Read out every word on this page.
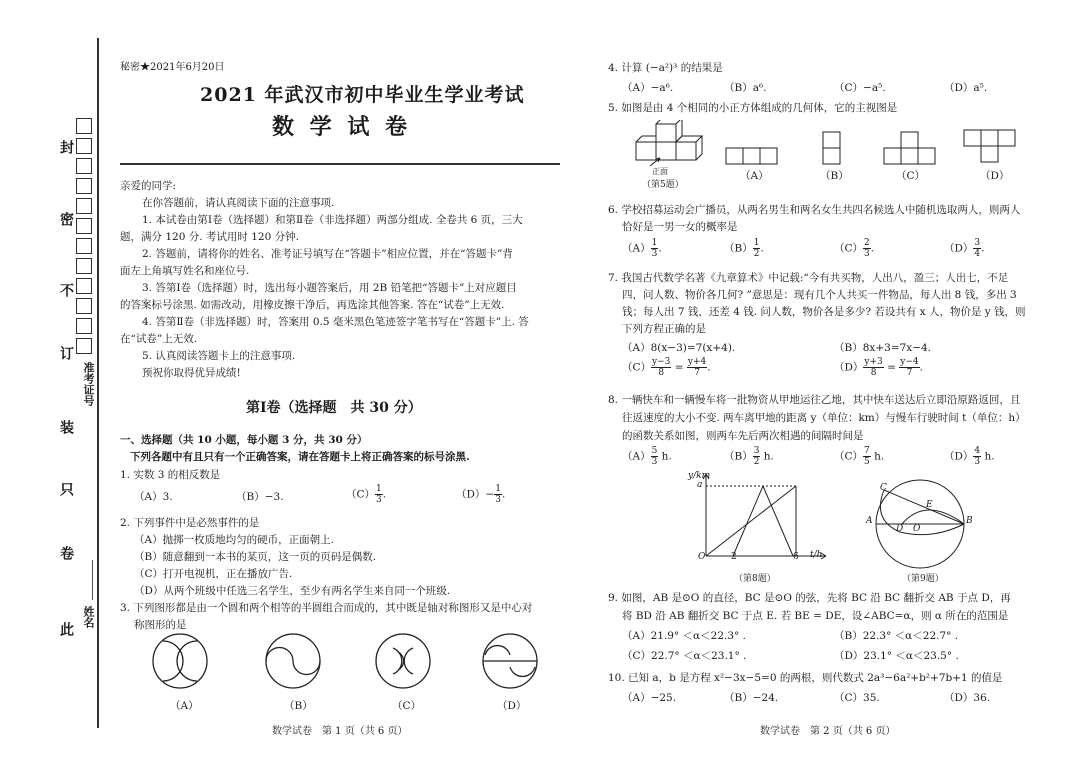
封
密
不
订
装
只
卷
此
准考证号
姓名
秘密★2021年6月20日
2021 年武汉市初中毕业生学业考试
数 学 试 卷
亲爱的同学:
在你答题前，请认真阅读下面的注意事项.
1. 本试卷由第Ⅰ卷（选择题）和第Ⅱ卷（非选择题）两部分组成. 全卷共 6 页，三大
题，满分 120 分. 考试用时 120 分钟.
2. 答题前，请将你的姓名、准考证号填写在“答题卡”相应位置，并在“答题卡”背
面左上角填写姓名和座位号.
3. 答第Ⅰ卷（选择题）时，选出每小题答案后，用 2B 铅笔把“答题卡”上对应题目
的答案标号涂黑. 如需改动，用橡皮擦干净后，再选涂其他答案. 答在“试卷”上无效.
4. 答第Ⅱ卷（非选择题）时，答案用 0.5 毫米黑色笔迹签字笔书写在“答题卡”上. 答
在“试卷”上无效.
5. 认真阅读答题卡上的注意事项.
预祝你取得优异成绩!
第Ⅰ卷（选择题　共 30 分）
一、选择题（共 10 小题，每小题 3 分，共 30 分）
下列各题中有且只有一个正确答案，请在答题卡上将正确答案的标号涂黑.
1. 实数 3 的相反数是
（A）3.	（B）−3.	$(C) \frac{1}{3}$ .	$(D)- \frac{1}{3}$ .
2. 下列事件中是必然事件的是
（A）抛掷一枚质地均匀的硬币，正面朝上.
（B）随意翻到一本书的某页，这一页的页码是偶数.
（C）打开电视机，正在播放广告.
（D）从两个班级中任选三名学生，至少有两名学生来自同一个班级.
3. 下列图形都是由一个圆和两个相等的半圆组合而成的，其中既是轴对称图形又是中心对
称图形的是
（A）	（B）	（C）	（D）
数学试卷　第 1 页（共 6 页）
4. 计算 (−a²)³ 的结果是
（A）−a⁶.	（B）a⁶.	（C）−a⁵.	（D）a⁵.
5. 如图是由 4 个相同的小正方体组成的几何体，它的主视图是
正面
（第5题）
（A）	（B）	（C）	（D）
6. 学校招募运动会广播员，从两名男生和两名女生共四名候选人中随机选取两人，则两人
恰好是一男一女的概率是
$(A) \frac{1}{3}$ .	$(B) \frac{1}{2}$ .	$(C) \frac{2}{3}$ .	$(D) \frac{3}{4}$ .
7. 我国古代数学名著《九章算术》中记载:“今有共买物，人出八，盈三；人出七，不足
四，问人数、物价各几何? ”意思是：现有几个人共买一件物品，每人出 8 钱，多出 3
钱；每人出 7 钱，还差 4 钱. 问人数，物价各是多少? 若设共有 x 人，物价是 y 钱，则
下列方程正确的是
（A）8(x−3)=7(x+4).	（B）8x+3=7x−4.
$(C) \frac{y-3}{8} = \frac{y+4}{7}$ .	$(D) \frac{y+3}{8} = \frac{y-4}{7}$ .
8. 一辆快车和一辆慢车将一批物资从甲地运往乙地，其中快车送达后立即沿原路返回，且
往返速度的大小不变. 两车离甲地的距离 y（单位：km）与慢车行驶时间 t（单位：h）
的函数关系如图，则两车先后两次相遇的间隔时间是
$(A) \frac{5}{3} h$.	$(B) \frac{3}{2} h$.	$(C) \frac{7}{5} h$.	$(D) \frac{4}{3} h$.
y/km
a
O	2	6 t/h
（第8题）
C
E
A
D O
B
（第9题）
9. 如图，AB 是⊙O 的直径，BC 是⊙O 的弦，先将 BC 沿 BC 翻折交 AB 于点 D，再
将 BD 沿 AB 翻折交 BC 于点 E. 若 BE = DE，设∠ABC=α，则 α 所在的范围是
（A）21.9° ＜α＜22.3° .	（B）22.3° ＜α＜22.7° .
（C）22.7° ＜α＜23.1° .	（D）23.1° ＜α＜23.5° .
10. 已知 a，b 是方程 x²−3x−5=0 的两根，则代数式 2a³−6a²+b²+7b+1 的值是
（A）−25.	（B）−24.	（C）35.	（D）36.
数学试卷　第 2 页（共 6 页）
